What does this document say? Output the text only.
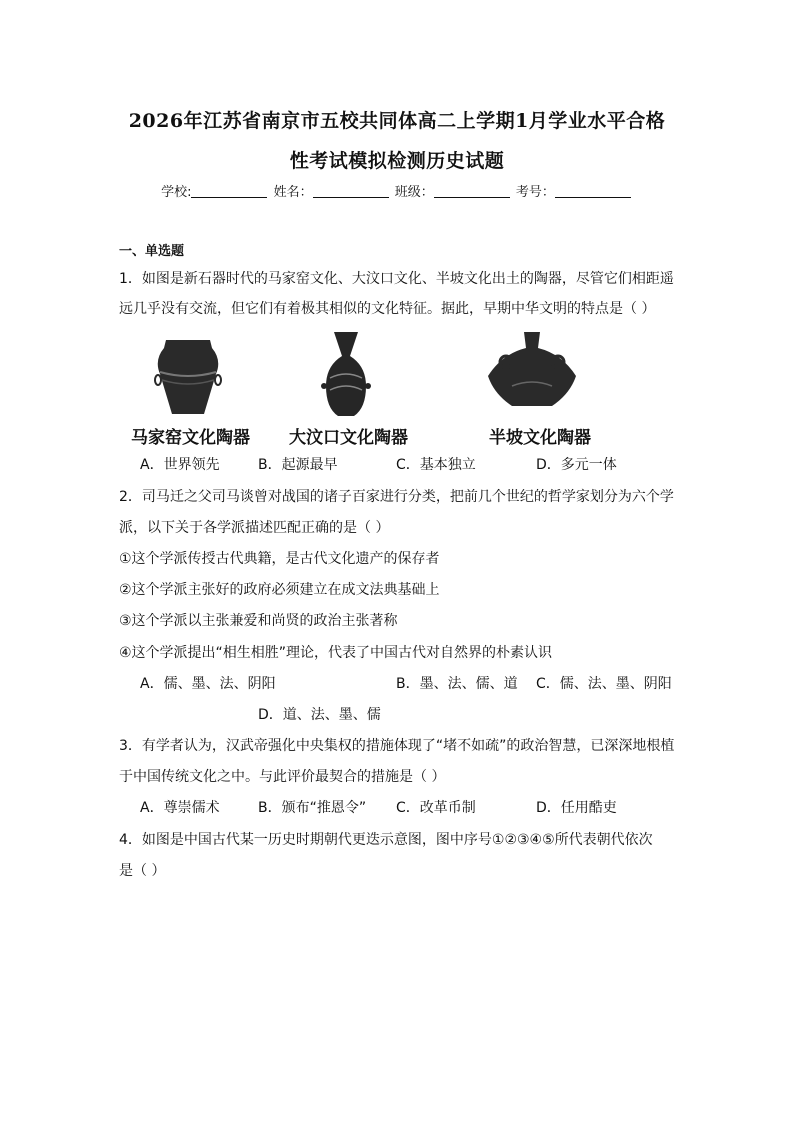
2026年江苏省南京市五校共同体高二上学期1月学业水平合格
性考试模拟检测历史试题
学校:	姓名：	班级：	考号：
一、单选题
1．如图是新石器时代的马家窑文化、大汶口文化、半坡文化出土的陶器，尽管它们相距遥
远几乎没有交流，但它们有着极其相似的文化特征。据此，早期中华文明的特点是（ ）
马家窑文化陶器 大汶口文化陶器	半坡文化陶器
A．世界领先	B．起源最早	C．基本独立	D．多元一体
2．司马迁之父司马谈曾对战国的诸子百家进行分类，把前几个世纪的哲学家划分为六个学
派，以下关于各学派描述匹配正确的是（ ）
①这个学派传授古代典籍，是古代文化遗产的保存者
②这个学派主张好的政府必须建立在成文法典基础上
③这个学派以主张兼爱和尚贤的政治主张著称
④这个学派提出“相生相胜”理论，代表了中国古代对自然界的朴素认识
A．儒、墨、法、阴阳	B．墨、法、儒、道 C．儒、法、墨、阴阳
D．道、法、墨、儒
3．有学者认为，汉武帝强化中央集权的措施体现了“堵不如疏”的政治智慧，已深深地根植
于中国传统文化之中。与此评价最契合的措施是（ ）
A．尊崇儒术	B．颁布“推恩令” C．改革币制	D．任用酷吏
4．如图是中国古代某一历史时期朝代更迭示意图，图中序号①②③④⑤所代表朝代依次
是（ ）
